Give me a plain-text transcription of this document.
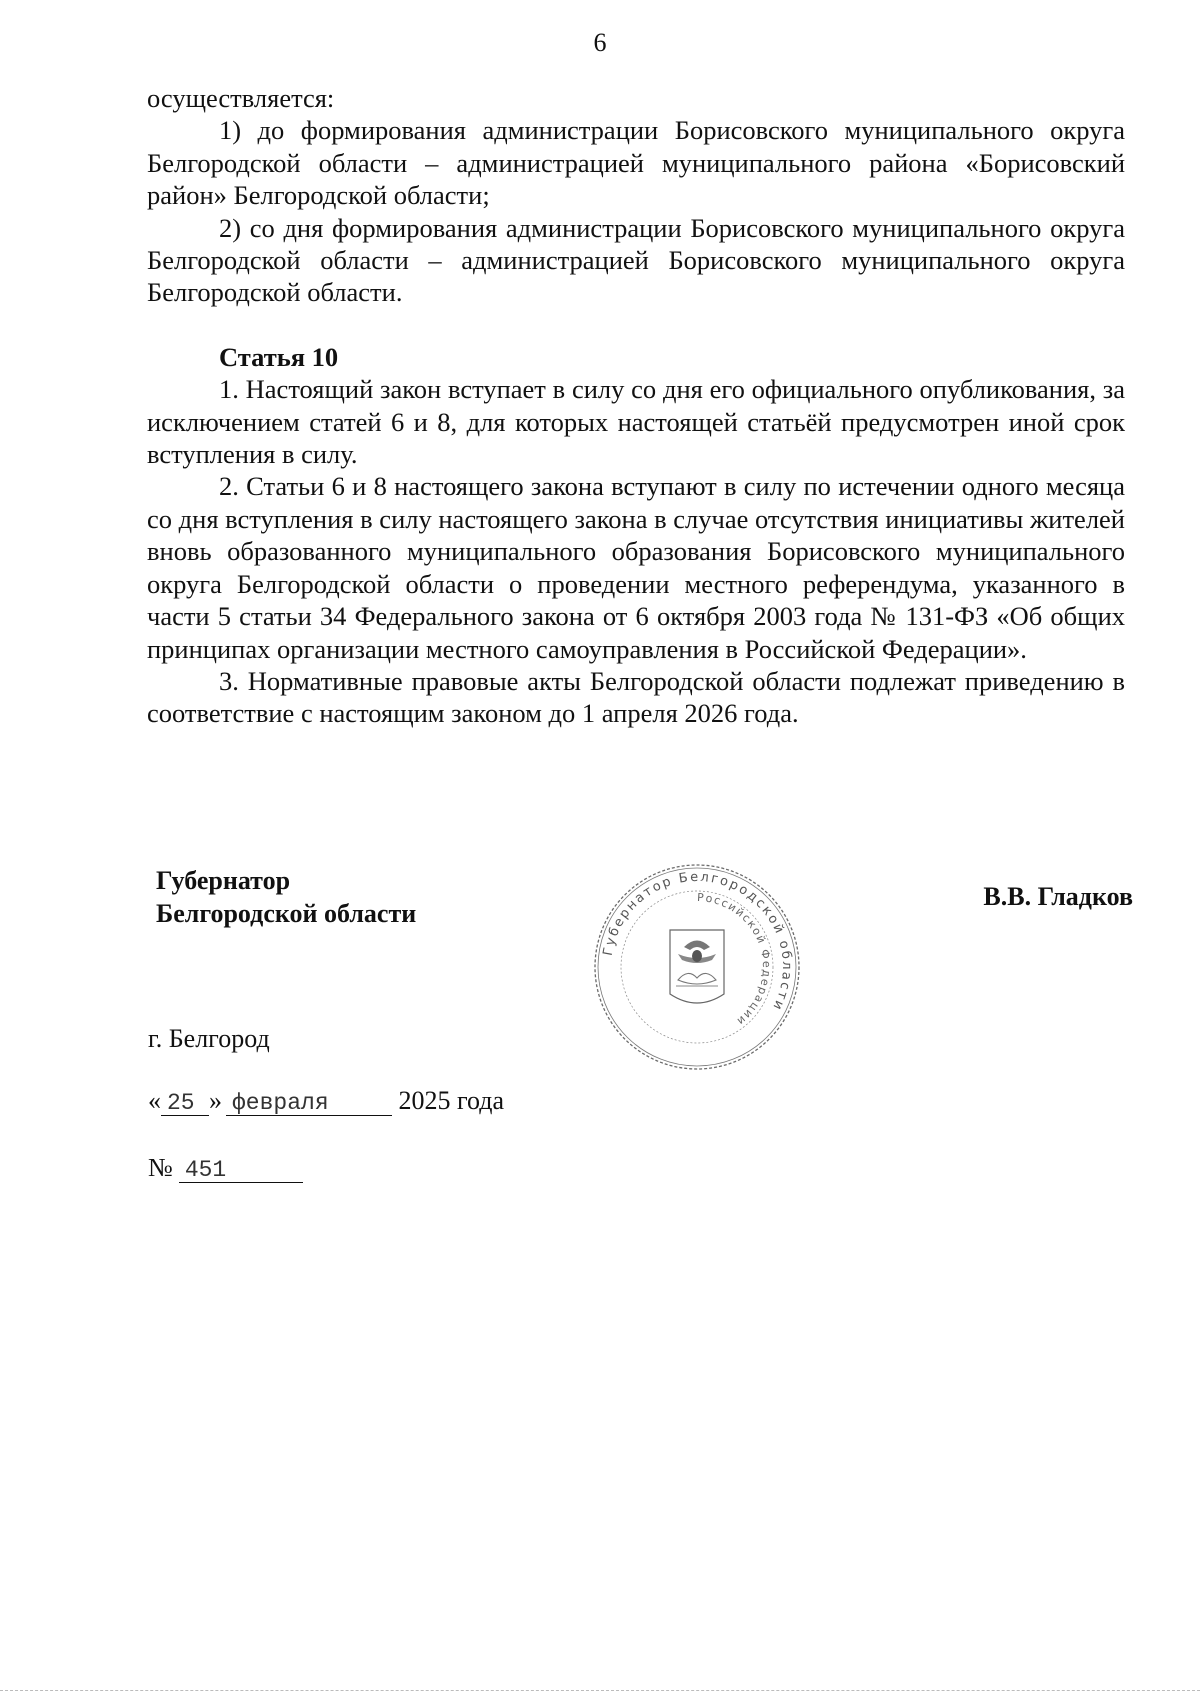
6

осуществляется:

1) до формирования администрации Борисовского муниципального округа Белгородской области – администрацией муниципального района «Борисовский район» Белгородской области;

2) со дня формирования администрации Борисовского муниципального округа Белгородской области – администрацией Борисовского муниципального округа Белгородской области.

Статья 10

1. Настоящий закон вступает в силу со дня его официального опубликования, за исключением статей 6 и 8, для которых настоящей статьёй предусмотрен иной срок вступления в силу.

2. Статьи 6 и 8 настоящего закона вступают в силу по истечении одного месяца со дня вступления в силу настоящего закона в случае отсутствия инициативы жителей вновь образованного муниципального образования Борисовского муниципального округа Белгородской области о проведении местного референдума, указанного в части 5 статьи 34 Федерального закона от 6 октября 2003 года № 131-ФЗ «Об общих принципах организации местного самоуправления в Российской Федерации».

3. Нормативные правовые акты Белгородской области подлежат приведению в соответствие с настоящим законом до 1 апреля 2026 года.

Губернатор
Белгородской области
В.В. Гладков
Губернатор Белгородской области
Российской Федерации
г. Белгород
« 25 » февраля	2025 года
№ 451
